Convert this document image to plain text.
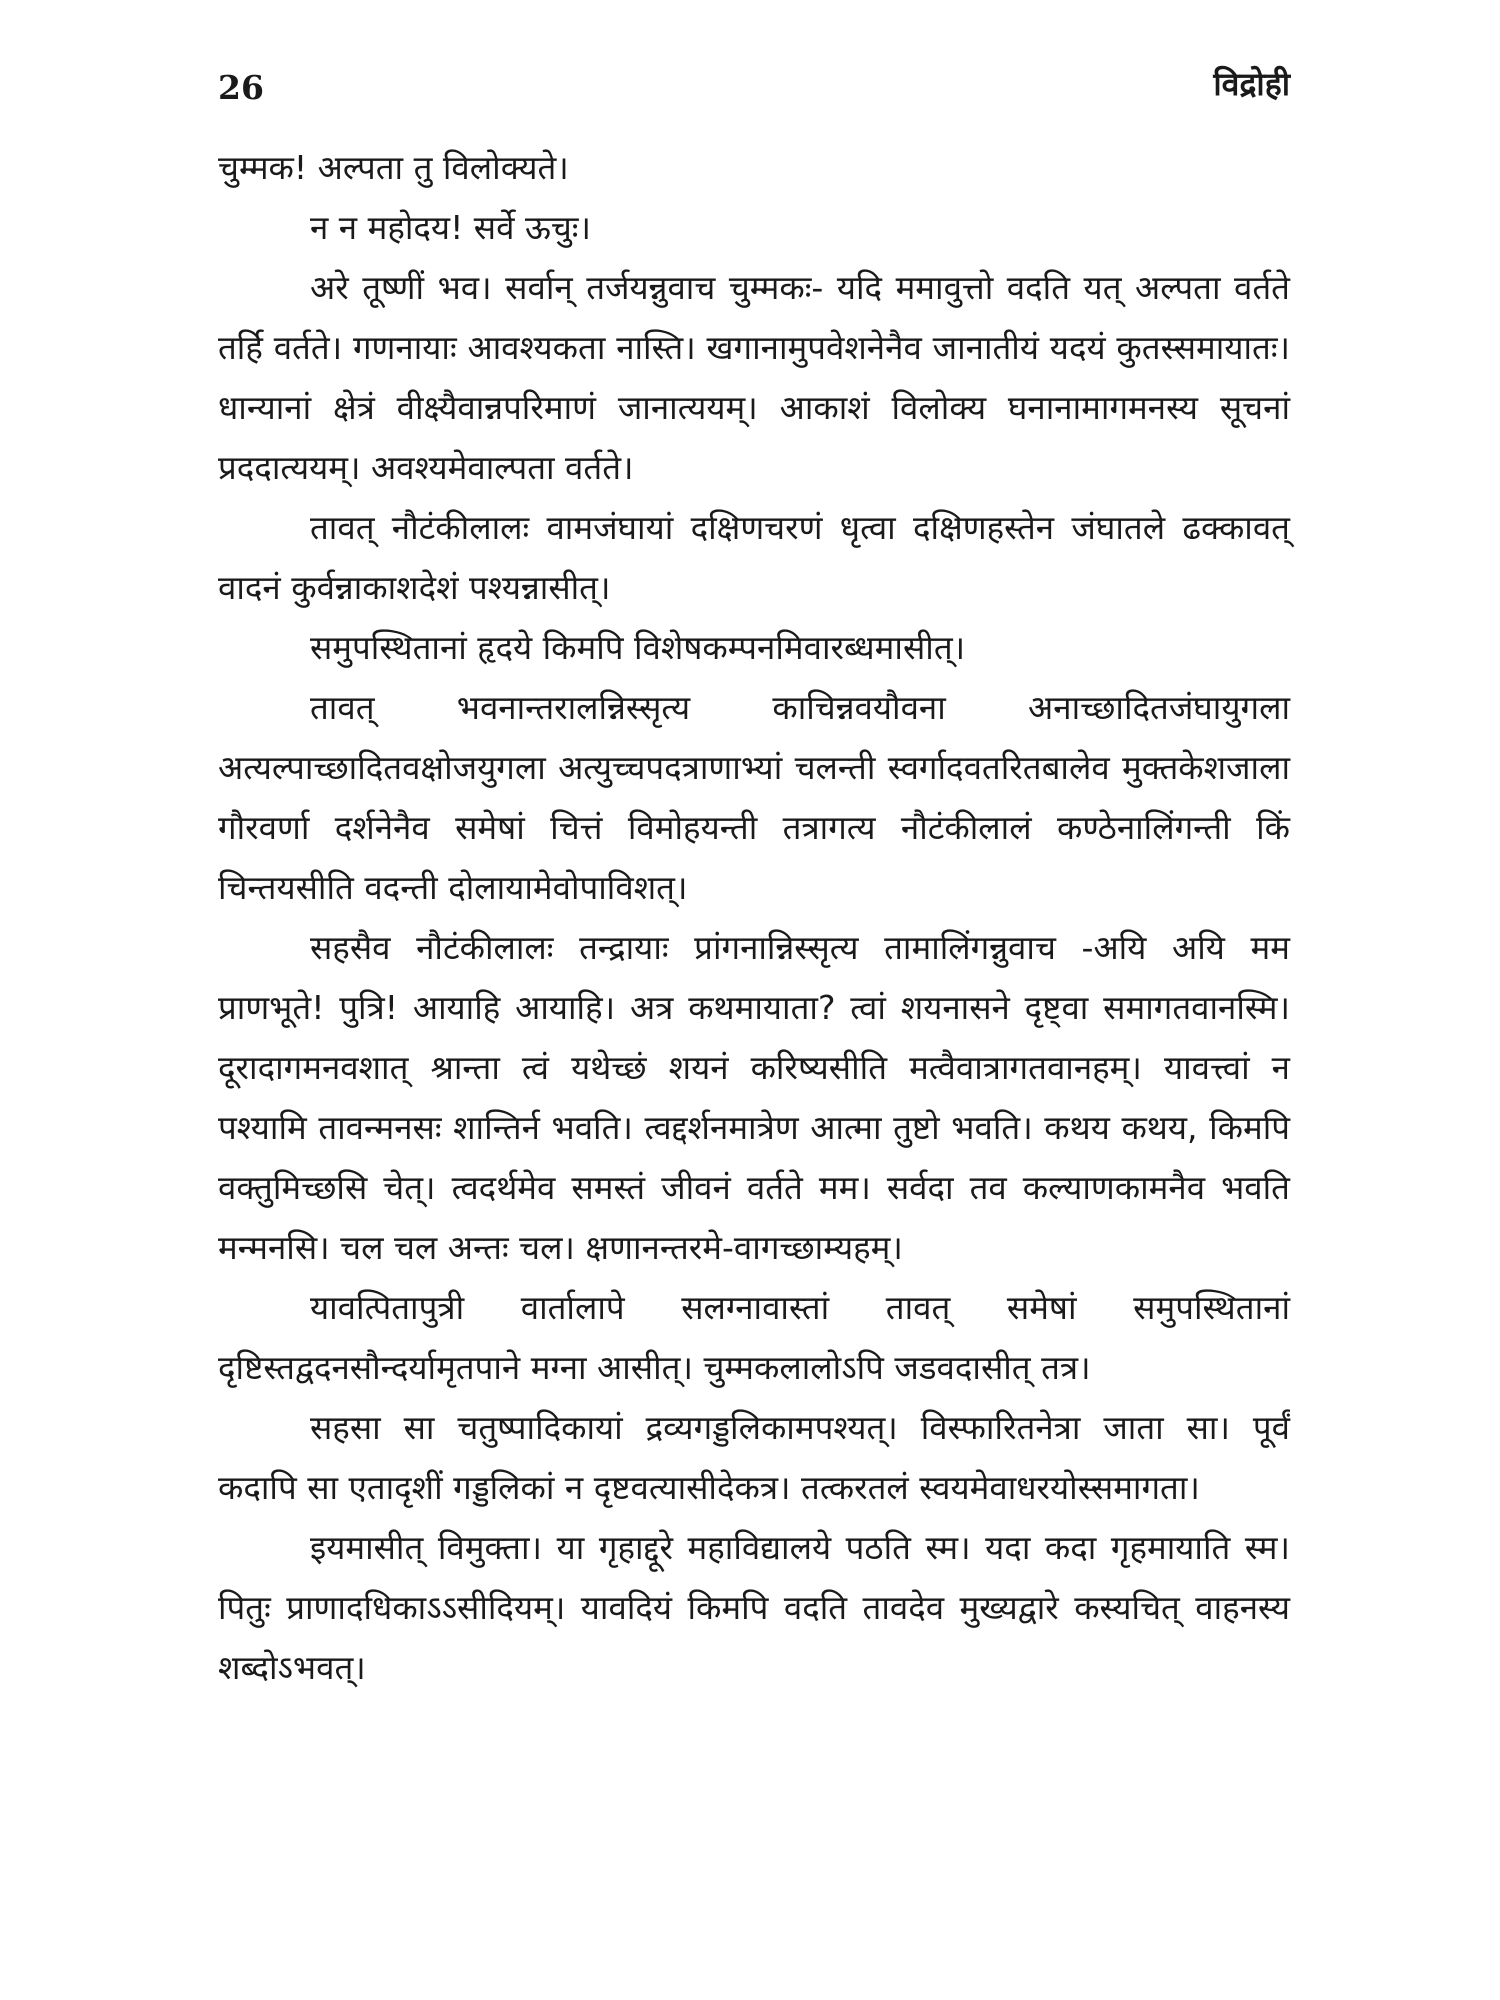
26	विद्रोही

चुम्मक! अल्पता तु विलोक्यते।

न न महोदय! सर्वे ऊचुः।

अरे तूष्णीं भव। सर्वान् तर्जयन्नुवाच चुम्मकः- यदि ममावुत्तो वदति यत् अल्पता वर्तते तर्हि वर्तते। गणनायाः आवश्यकता नास्ति। खगानामुपवेशनेनैव जानातीयं यदयं कुतस्समायातः। धान्यानां क्षेत्रं वीक्ष्यैवान्नपरिमाणं जानात्ययम्। आकाशं विलोक्य घनानामागमनस्य सूचनां प्रददात्ययम्। अवश्यमेवाल्पता वर्तते।

तावत् नौटंकीलालः वामजंघायां दक्षिणचरणं धृत्वा दक्षिणहस्तेन जंघातले ढक्कावत् वादनं कुर्वन्नाकाशदेशं पश्यन्नासीत्।

समुपस्थितानां हृदये किमपि विशेषकम्पनमिवारब्धमासीत्।

तावत् भवनान्तरालन्निस्सृत्य काचिन्नवयौवना अनाच्छादितजंघायुगला अत्यल्पाच्छादितवक्षोजयुगला अत्युच्चपदत्राणाभ्यां चलन्ती स्वर्गादवतरितबालेव मुक्तकेशजाला गौरवर्णा दर्शनेनैव समेषां चित्तं विमोहयन्ती तत्रागत्य नौटंकीलालं कण्ठेनालिंगन्ती किं चिन्तयसीति वदन्ती दोलायामेवोपाविशत्।

सहसैव नौटंकीलालः तन्द्रायाः प्रांगनान्निस्सृत्य तामालिंगन्नुवाच -अयि अयि मम प्राणभूते! पुत्रि! आयाहि आयाहि। अत्र कथमायाता? त्वां शयनासने दृष्ट्वा समागतवानस्मि। दूरादागमनवशात् श्रान्ता त्वं यथेच्छं शयनं करिष्यसीति मत्वैवात्रागतवानहम्। यावत्त्वां न पश्यामि तावन्मनसः शान्तिर्न भवति। त्वद्दर्शनमात्रेण आत्मा तुष्टो भवति। कथय कथय, किमपि वक्तुमिच्छसि चेत्। त्वदर्थमेव समस्तं जीवनं वर्तते मम। सर्वदा तव कल्याणकामनैव भवति मन्मनसि। चल चल अन्तः चल। क्षणानन्तरमे-वागच्छाम्यहम्।

यावत्पितापुत्री वार्तालापे सलग्नावास्तां तावत् समेषां समुपस्थितानां दृष्टिस्तद्वदनसौन्दर्यामृतपाने मग्ना आसीत्। चुम्मकलालोऽपि जडवदासीत् तत्र।

सहसा सा चतुष्पादिकायां द्रव्यगड्डलिकामपश्यत्। विस्फारितनेत्रा जाता सा। पूर्वं कदापि सा एतादृशीं गड्डलिकां न दृष्टवत्यासीदेकत्र। तत्करतलं स्वयमेवाधरयोस्समागता।

इयमासीत् विमुक्ता। या गृहाद्दूरे महाविद्यालये पठति स्म। यदा कदा गृहमायाति स्म। पितुः प्राणादधिकाऽऽसीदियम्। यावदियं किमपि वदति तावदेव मुख्यद्वारे कस्यचित् वाहनस्य शब्दोऽभवत्।
